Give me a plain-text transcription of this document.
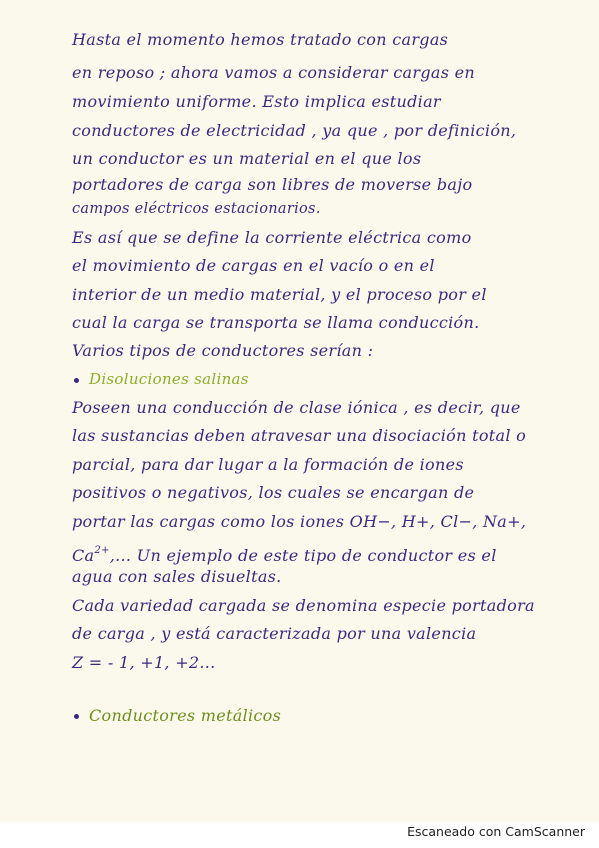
Hasta el momento hemos tratado con cargas
en reposo ; ahora vamos a considerar cargas en
movimiento uniforme. Esto implica estudiar
conductores de electricidad , ya que , por definición,
un conductor es un material en el que los
portadores de carga son libres de moverse bajo
campos eléctricos estacionarios.
Es así que se define la corriente eléctrica como
el movimiento de cargas en el vacío o en el
interior de un medio material, y el proceso por el
cual la carga se transporta se llama conducción.
Varios tipos de conductores serían :
Disoluciones salinas
Poseen una conducción de clase iónica , es decir, que
las sustancias deben atravesar una disociación total o
parcial, para dar lugar a la formación de iones
positivos o negativos, los cuales se encargan de
portar las cargas como los iones OH−, H+, Cl−, Na+,
$Ca^{2+}$,... Un ejemplo de este tipo de conductor es el
agua con sales disueltas.
Cada variedad cargada se denomina especie portadora
de carga , y está caracterizada por una valencia
Z = - 1, +1, +2...
Conductores metálicos
Escaneado con CamScanner
